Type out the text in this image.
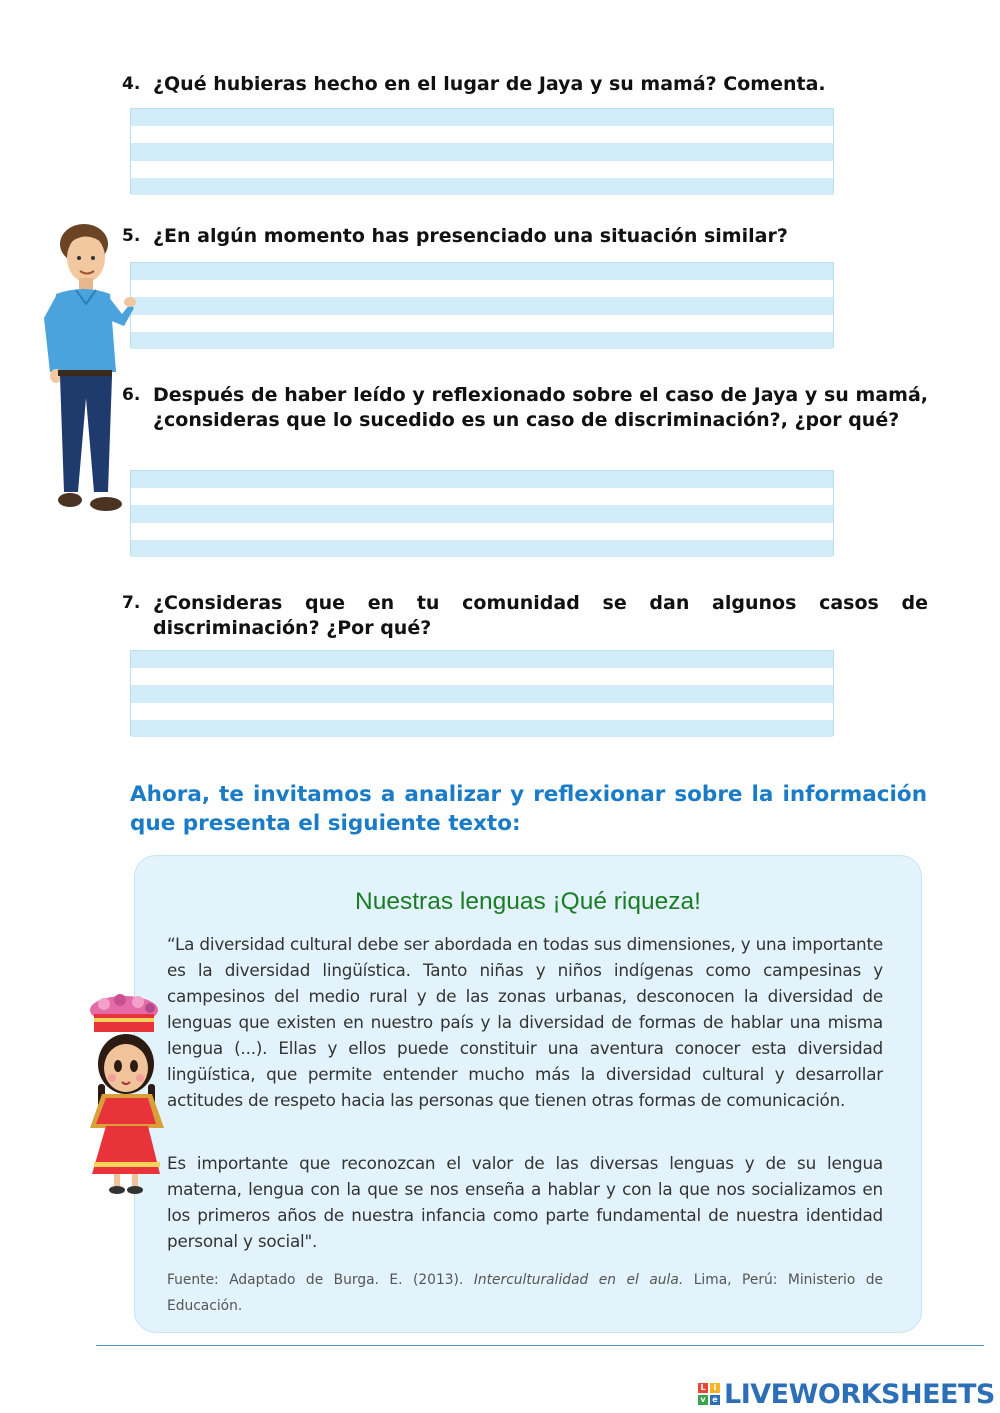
4. ¿Qué hubieras hecho en el lugar de Jaya y su mamá? Comenta.
5. ¿En algún momento has presenciado una situación similar?
6. Después de haber leído y reflexionado sobre el caso de Jaya y su mamá, ¿consideras que lo sucedido es un caso de discriminación?, ¿por qué?
7. ¿Consideras que en tu comunidad se dan algunos casos de discriminación? ¿Por qué?
Ahora, te invitamos a analizar y reflexionar sobre la información que presenta el siguiente texto:
Nuestras lenguas ¡Qué riqueza!
“La diversidad cultural debe ser abordada en todas sus dimensiones, y una importante es la diversidad lingüística. Tanto niñas y niños indígenas como campesinas y campesinos del medio rural y de las zonas urbanas, desconocen la diversidad de lenguas que existen en nuestro país y la diversidad de formas de hablar una misma lengua (...). Ellas y ellos puede constituir una aventura conocer esta diversidad lingüística, que permite entender mucho más la diversidad cultural y desarrollar actitudes de respeto hacia las personas que tienen otras formas de comunicación.
Es importante que reconozcan el valor de las diversas lenguas y de su lengua materna, lengua con la que se nos enseña a hablar y con la que nos socializamos en los primeros años de nuestra infancia como parte fundamental de nuestra identidad personal y social".
Fuente: Adaptado de Burga. E. (2013). Interculturalidad en el aula. Lima, Perú: Ministerio de Educación.
L	i
v e LIVEWORKSHEETS
